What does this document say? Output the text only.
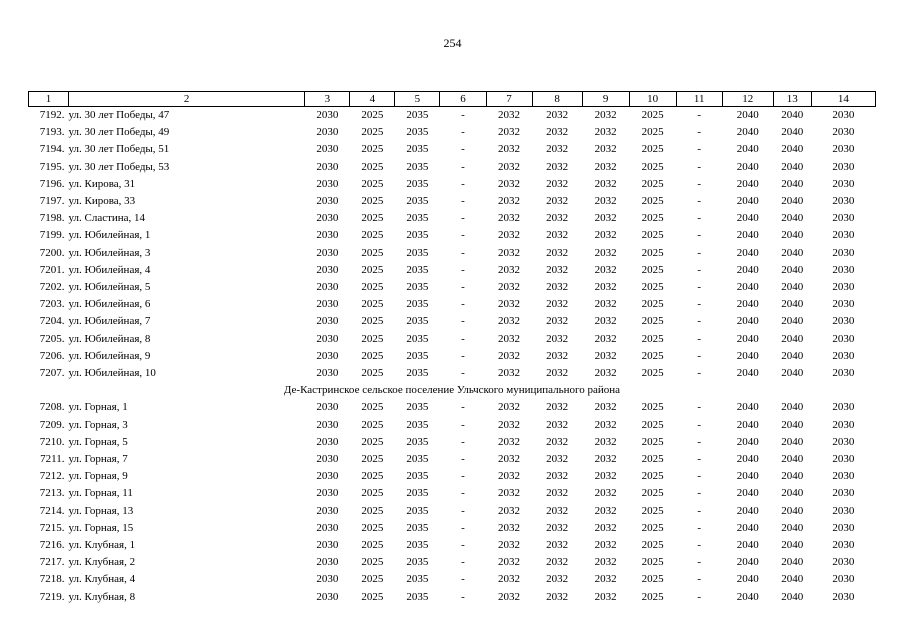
254
1	2	3	4	5	6	7	8	9	10	11	12	13	14
7192. ул. 30 лет Победы, 47		2030	2025	2035	-	2032	2032	2032	2025	-	2040	2040	2030
7193. ул. 30 лет Победы, 49		2030	2025	2035	-	2032	2032	2032	2025	-	2040	2040	2030
7194. ул. 30 лет Победы, 51		2030	2025	2035	-	2032	2032	2032	2025	-	2040	2040	2030
7195. ул. 30 лет Победы, 53		2030	2025	2035	-	2032	2032	2032	2025	-	2040	2040	2030
7196. ул. Кирова, 31		2030	2025	2035	-	2032	2032	2032	2025	-	2040	2040	2030
7197. ул. Кирова, 33		2030	2025	2035	-	2032	2032	2032	2025	-	2040	2040	2030
7198. ул. Сластина, 14		2030	2025	2035	-	2032	2032	2032	2025	-	2040	2040	2030
7199. ул. Юбилейная, 1		2030	2025	2035	-	2032	2032	2032	2025	-	2040	2040	2030
7200. ул. Юбилейная, 3		2030	2025	2035	-	2032	2032	2032	2025	-	2040	2040	2030
7201. ул. Юбилейная, 4		2030	2025	2035	-	2032	2032	2032	2025	-	2040	2040	2030
7202. ул. Юбилейная, 5		2030	2025	2035	-	2032	2032	2032	2025	-	2040	2040	2030
7203. ул. Юбилейная, 6		2030	2025	2035	-	2032	2032	2032	2025	-	2040	2040	2030
7204. ул. Юбилейная, 7		2030	2025	2035	-	2032	2032	2032	2025	-	2040	2040	2030
7205. ул. Юбилейная, 8		2030	2025	2035	-	2032	2032	2032	2025	-	2040	2040	2030
7206. ул. Юбилейная, 9		2030	2025	2035	-	2032	2032	2032	2025	-	2040	2040	2030
7207. ул. Юбилейная, 10		2030	2025	2035	-	2032	2032	2032	2025	-	2040	2040	2030
Де-Кастринское сельское поселение Ульчского муниципального района													
7208. ул. Горная, 1		2030	2025	2035	-	2032	2032	2032	2025	-	2040	2040	2030
7209. ул. Горная, 3		2030	2025	2035	-	2032	2032	2032	2025	-	2040	2040	2030
7210. ул. Горная, 5		2030	2025	2035	-	2032	2032	2032	2025	-	2040	2040	2030
7211. ул. Горная, 7		2030	2025	2035	-	2032	2032	2032	2025	-	2040	2040	2030
7212. ул. Горная, 9		2030	2025	2035	-	2032	2032	2032	2025	-	2040	2040	2030
7213. ул. Горная, 11		2030	2025	2035	-	2032	2032	2032	2025	-	2040	2040	2030
7214. ул. Горная, 13		2030	2025	2035	-	2032	2032	2032	2025	-	2040	2040	2030
7215. ул. Горная, 15		2030	2025	2035	-	2032	2032	2032	2025	-	2040	2040	2030
7216. ул. Клубная, 1		2030	2025	2035	-	2032	2032	2032	2025	-	2040	2040	2030
7217. ул. Клубная, 2		2030	2025	2035	-	2032	2032	2032	2025	-	2040	2040	2030
7218. ул. Клубная, 4		2030	2025	2035	-	2032	2032	2032	2025	-	2040	2040	2030
7219. ул. Клубная, 8		2030	2025	2035	-	2032	2032	2032	2025	-	2040	2040	2030
